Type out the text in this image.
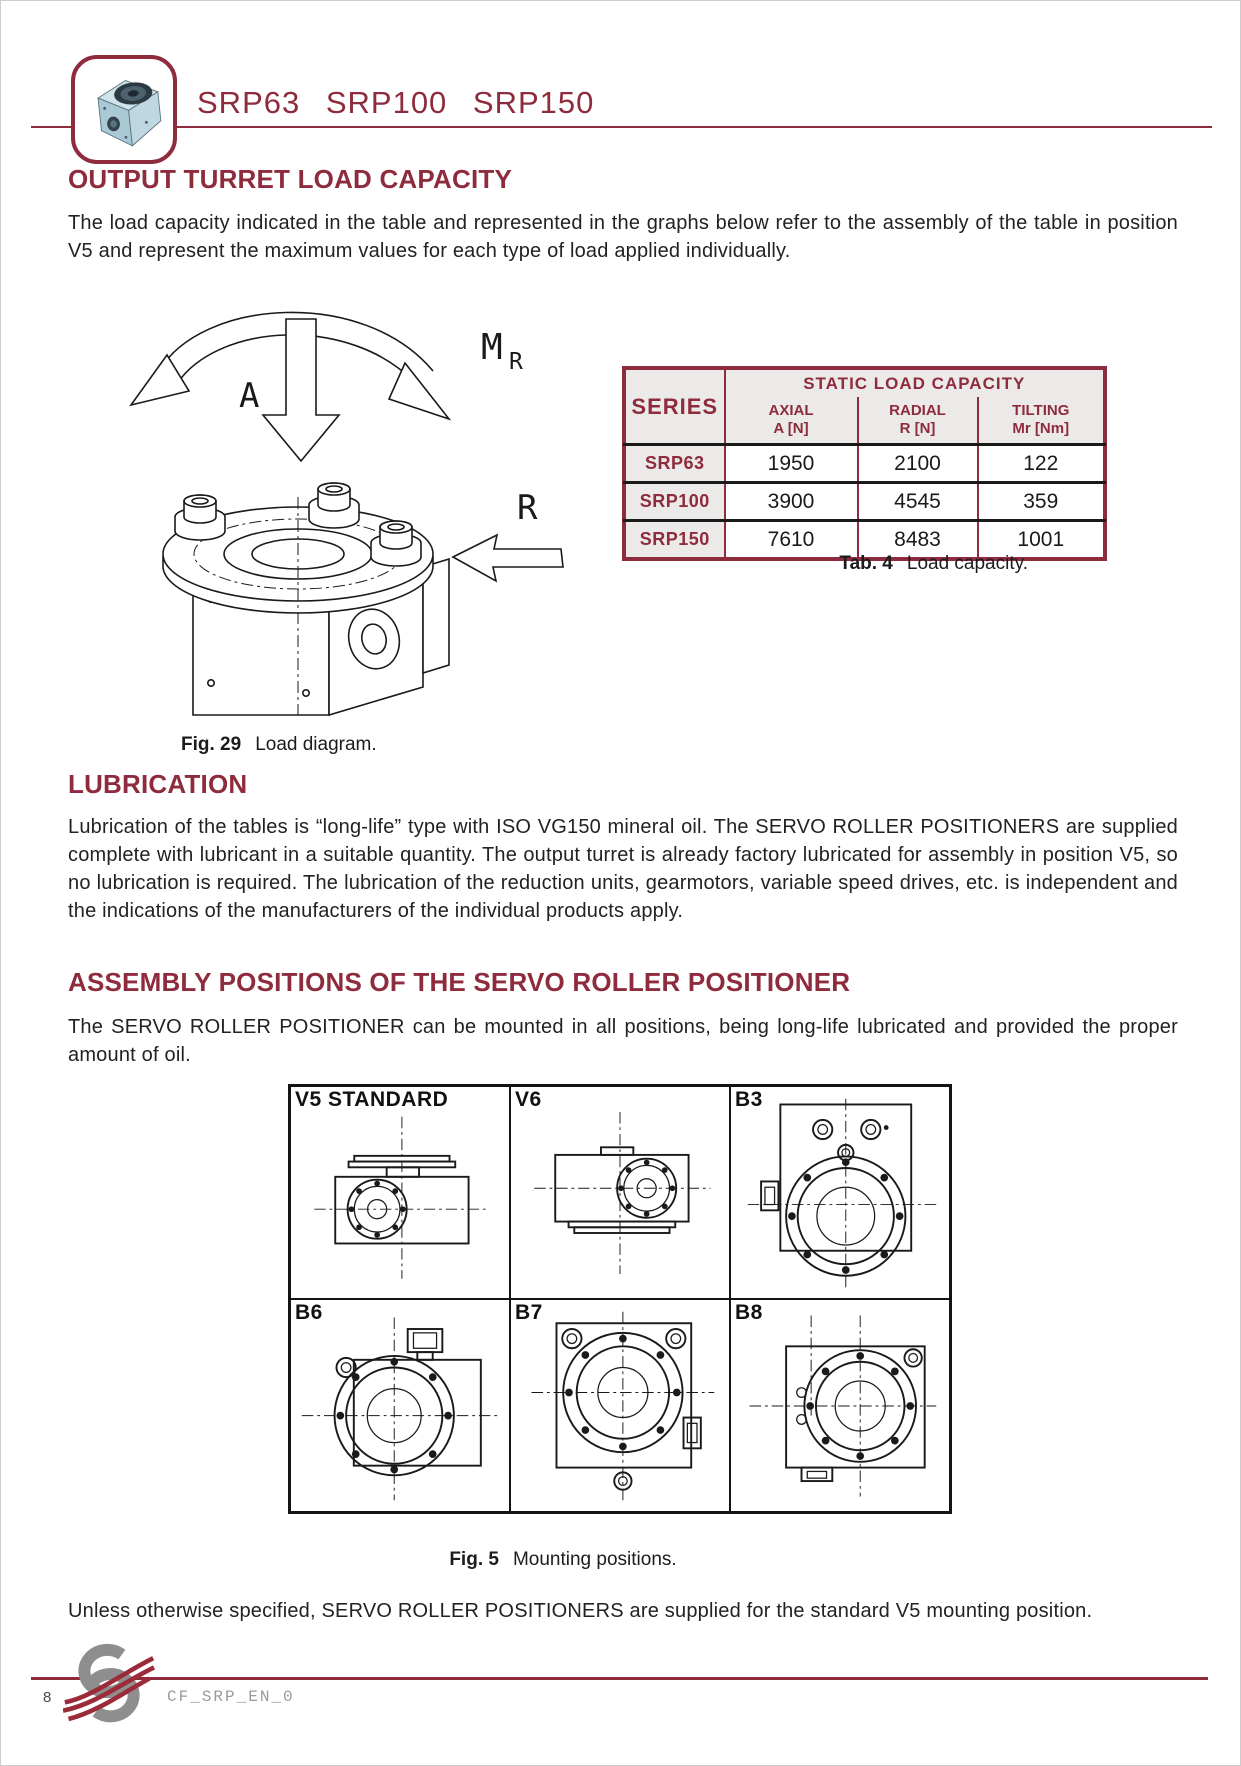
SRP63 SRP100 SRP150
OUTPUT TURRET LOAD CAPACITY
The load capacity indicated in the table and represented in the graphs below refer to the assembly of the table in position V5 and represent the maximum values for each type of load applied individually.
M R
A
R
Fig. 29 Load diagram.
SERIES	STATIC LOAD CAPACITY		

AXIAL
A [N]

RADIAL
R [N]

TILTING
Mr [Nm]

SRP63	1950	2100	122
SRP100	3900	4545	359
SRP150	7610	8483	1001
Tab. 4 Load capacity.
LUBRICATION
Lubrication of the tables is “long-life” type with ISO VG150 mineral oil. The SERVO ROLLER POSITIONERS are supplied complete with lubricant in a suitable quantity. The output turret is already factory lubricated for assembly in position V5, so no lubrication is required. The lubrication of the reduction units, gearmotors, variable speed drives, etc. is independent and the indications of the manufacturers of the individual products apply.
ASSEMBLY POSITIONS OF THE SERVO ROLLER POSITIONER
The SERVO ROLLER POSITIONER can be mounted in all positions, being long-life lubricated and provided the proper amount of oil.
V5 STANDARD	V6	B3
B6	B7	B8
Fig. 5 Mounting positions.
Unless otherwise specified, SERVO ROLLER POSITIONERS are supplied for the standard V5 mounting position.
8	CF_SRP_EN_0
